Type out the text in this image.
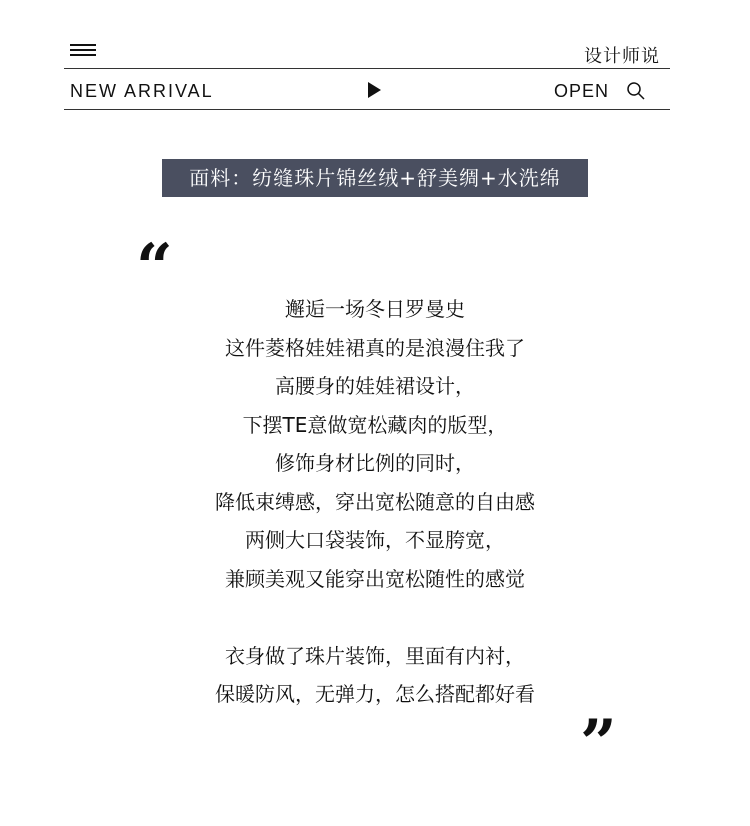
设计师说
NEW ARRIVAL	OPEN
面料：纺缝珠片锦丝绒+舒美绸+水洗绵
“
邂逅一场冬日罗曼史
这件菱格娃娃裙真的是浪漫住我了
高腰身的娃娃裙设计，
下摆TE意做宽松藏肉的版型，
修饰身材比例的同时，
降低束缚感，穿出宽松随意的自由感
两侧大口袋装饰，不显胯宽，
兼顾美观又能穿出宽松随性的感觉
衣身做了珠片装饰，里面有内衬，
保暖防风，无弹力，怎么搭配都好看
”
